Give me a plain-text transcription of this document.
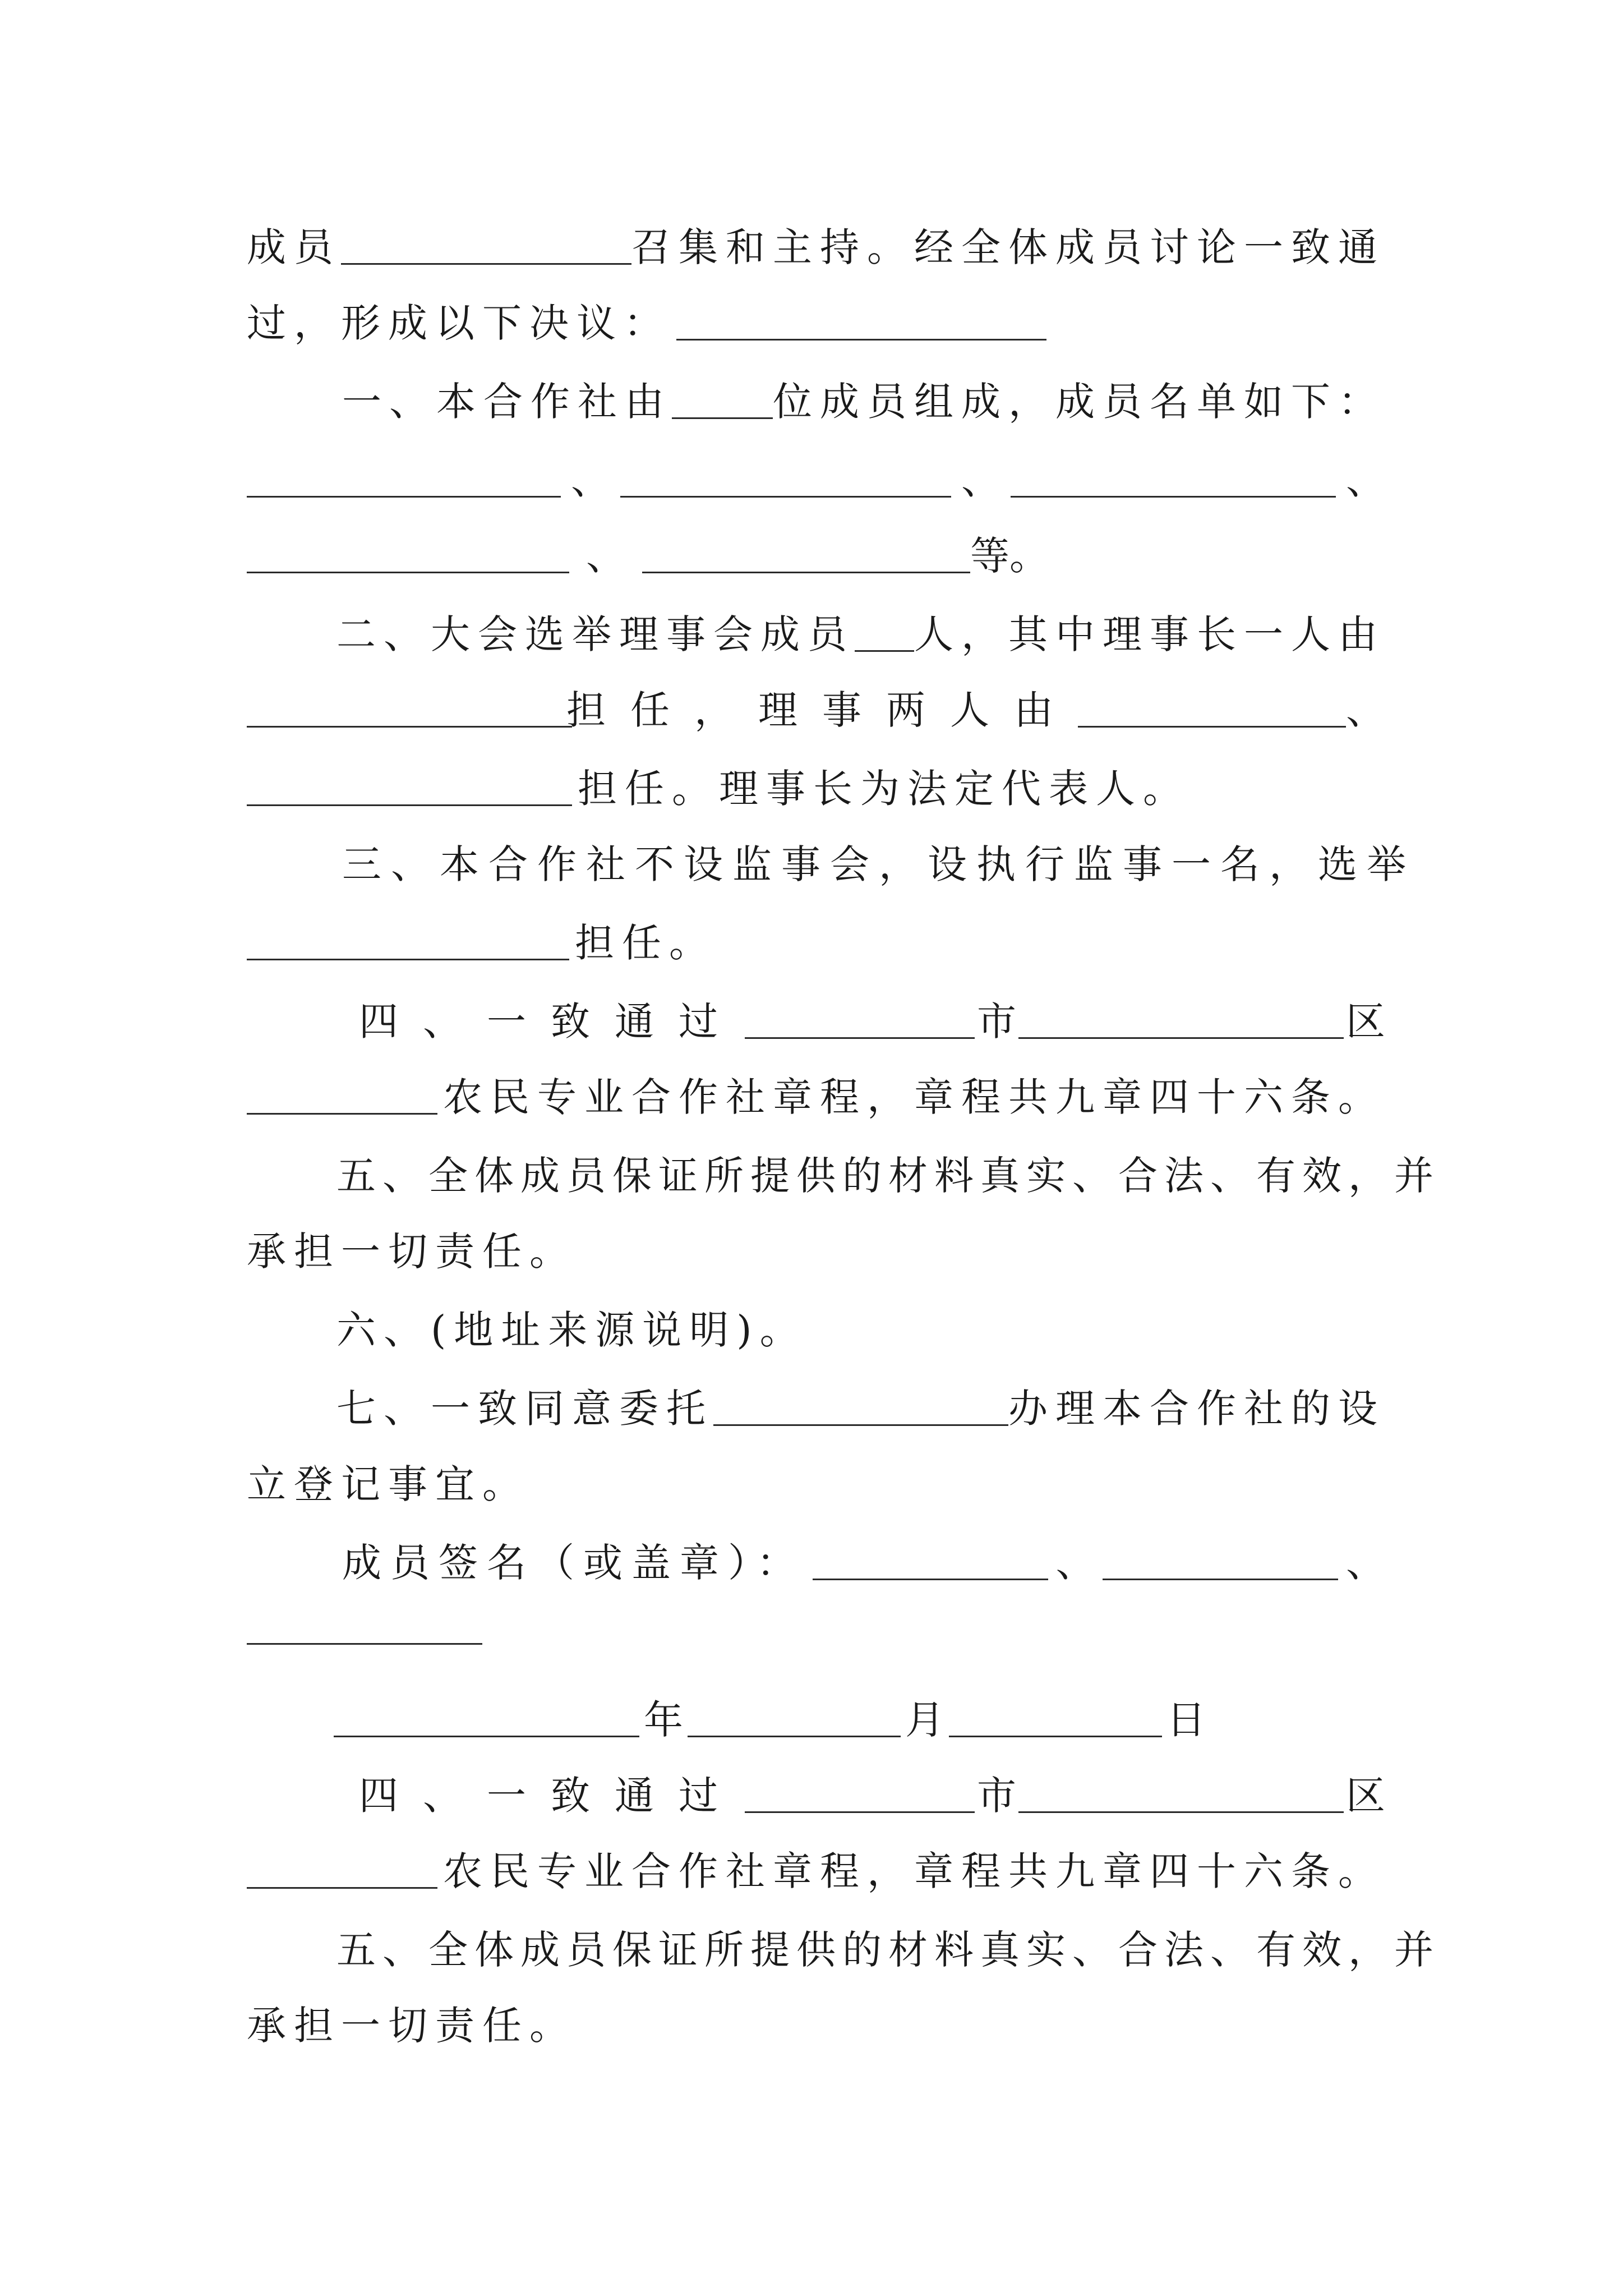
成员	召集和主持。经全体成员讨论一致通
过，形成以下决议：
一、本合作社由	位成员组成，成员名单如下：
、	、	、
、	等。
二、大会选举理事会成员 人，其中理事长一人由
担任，理事两人由	、
担任。理事长为法定代表人。
三、本合作社不设监事会，设执行监事一名，选举
担任。
四、一致通过	市	区
农民专业合作社章程，章程共九章四十六条。
五、全体成员保证所提供的材料真实、合法、有效，并
承担一切责任。
六、(地址来源说明)。
七、一致同意委托	办理本合作社的设
立登记事宜。
成员签名（或盖章）：	、	、
年	月	日
四、一致通过	市	区
农民专业合作社章程，章程共九章四十六条。
五、全体成员保证所提供的材料真实、合法、有效，并
承担一切责任。
